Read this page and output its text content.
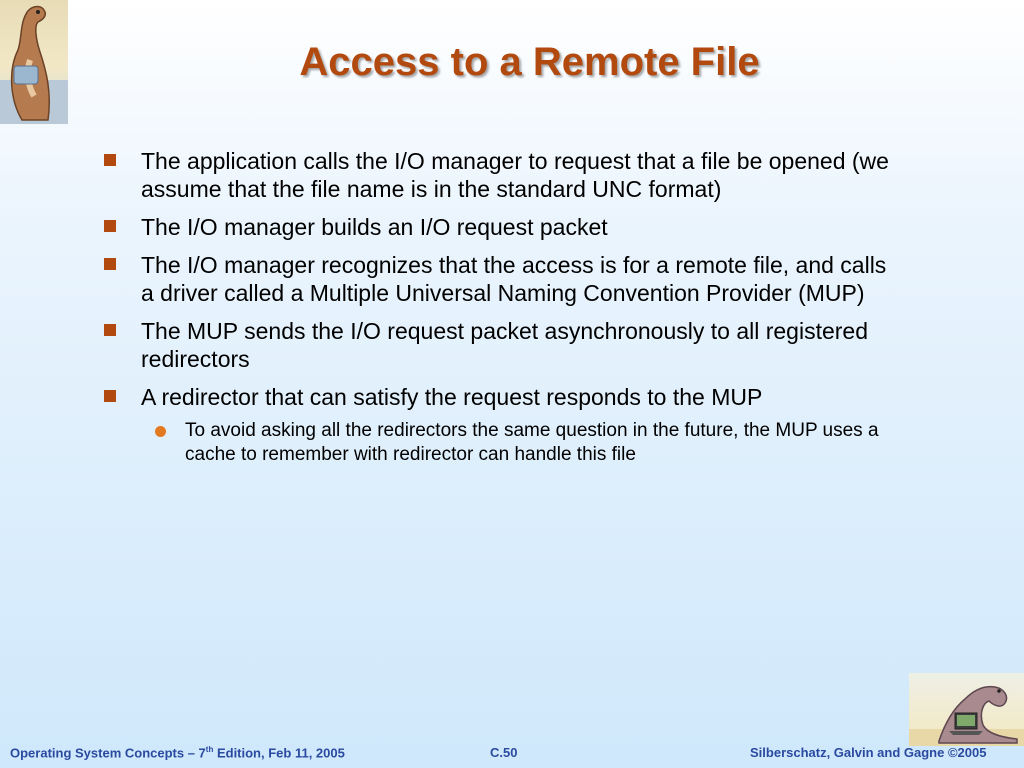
Access to a Remote File
The application calls the I/O manager to request that a file be opened (we assume that the file name is in the standard UNC format)
The I/O manager builds an I/O request packet
The I/O manager recognizes that the access is for a remote file, and calls a driver called a Multiple Universal Naming Convention Provider (MUP)
The MUP sends the I/O request packet asynchronously to all registered redirectors
A redirector that can satisfy the request responds to the MUP
To avoid asking all the redirectors the same question in the future, the MUP uses a cache to remember with redirector can handle this file
Operating System Concepts – 7th Edition, Feb 11, 2005	C.50	Silberschatz, Galvin and Gagne ©2005
